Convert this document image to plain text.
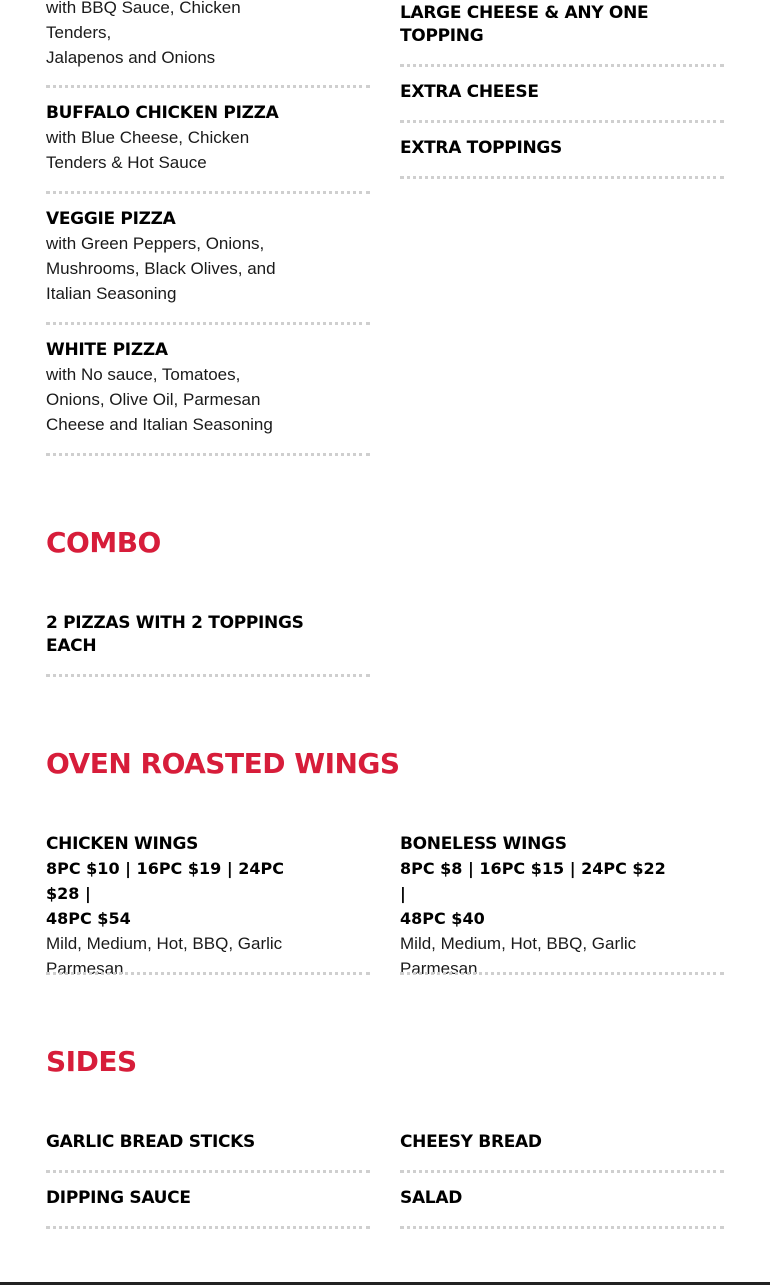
with BBQ Sauce, Chicken
Tenders,
Jalapenos and Onions
BUFFALO CHICKEN PIZZA
with Blue Cheese, Chicken
Tenders & Hot Sauce
VEGGIE PIZZA
with Green Peppers, Onions,
Mushrooms, Black Olives, and
Italian Seasoning
WHITE PIZZA
with No sauce, Tomatoes,
Onions, Olive Oil, Parmesan
Cheese and Italian Seasoning
LARGE CHEESE & ANY ONE
TOPPING
EXTRA CHEESE
EXTRA TOPPINGS
COMBO
2 PIZZAS WITH 2 TOPPINGS
EACH
OVEN ROASTED WINGS
CHICKEN WINGS
8PC $10 | 16PC $19 | 24PC $28 |
48PC $54
Mild, Medium, Hot, BBQ, Garlic
Parmesan
BONELESS WINGS
8PC $8 | 16PC $15 | 24PC $22 |
48PC $40
Mild, Medium, Hot, BBQ, Garlic
Parmesan
SIDES
GARLIC BREAD STICKS
DIPPING SAUCE
CHEESY BREAD
SALAD
